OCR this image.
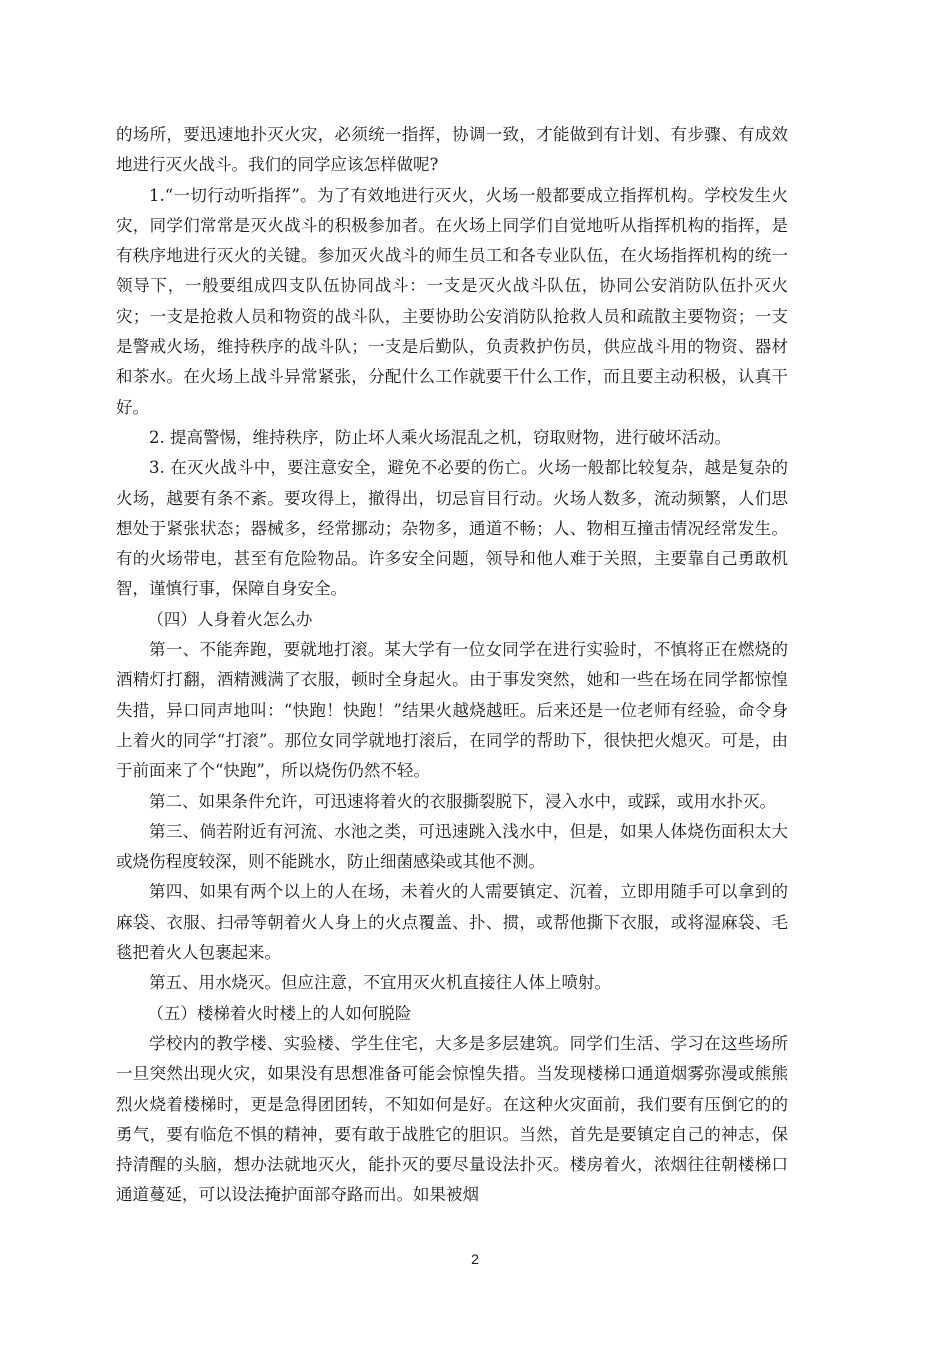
的场所，要迅速地扑灭火灾，必须统一指挥，协调一致，才能做到有计划、有步骤、有成效地进行灭火战斗。我们的同学应该怎样做呢?

1.“一切行动听指挥”。为了有效地进行灭火，火场一般都要成立指挥机构。学校发生火灾，同学们常常是灭火战斗的积极参加者。在火场上同学们自觉地听从指挥机构的指挥，是有秩序地进行灭火的关键。参加灭火战斗的师生员工和各专业队伍，在火场指挥机构的统一领导下，一般要组成四支队伍协同战斗：一支是灭火战斗队伍，协同公安消防队伍扑灭火灾；一支是抢救人员和物资的战斗队，主要协助公安消防队抢救人员和疏散主要物资；一支是警戒火场，维持秩序的战斗队；一支是后勤队，负责救护伤员，供应战斗用的物资、器材和茶水。在火场上战斗异常紧张，分配什么工作就要干什么工作，而且要主动积极，认真干好。

2. 提高警惕，维持秩序，防止坏人乘火场混乱之机，窃取财物，进行破坏活动。

3. 在灭火战斗中，要注意安全，避免不必要的伤亡。火场一般都比较复杂，越是复杂的火场，越要有条不紊。要攻得上，撤得出，切忌盲目行动。火场人数多，流动频繁，人们思想处于紧张状态；器械多，经常挪动；杂物多，通道不畅；人、物相互撞击情况经常发生。有的火场带电，甚至有危险物品。许多安全问题，领导和他人难于关照，主要靠自己勇敢机智，谨慎行事，保障自身安全。

（四）人身着火怎么办

第一、不能奔跑，要就地打滚。某大学有一位女同学在进行实验时，不慎将正在燃烧的酒精灯打翻，酒精溅满了衣服，顿时全身起火。由于事发突然，她和一些在场在同学都惊惶失措，异口同声地叫：“快跑！快跑！”结果火越烧越旺。后来还是一位老师有经验，命令身上着火的同学“打滚”。那位女同学就地打滚后，在同学的帮助下，很快把火熄灭。可是，由于前面来了个“快跑”，所以烧伤仍然不轻。

第二、如果条件允许，可迅速将着火的衣服撕裂脱下，浸入水中，或踩，或用水扑灭。

第三、倘若附近有河流、水池之类，可迅速跳入浅水中，但是，如果人体烧伤面积太大或烧伤程度较深，则不能跳水，防止细菌感染或其他不测。

第四、如果有两个以上的人在场，未着火的人需要镇定、沉着，立即用随手可以拿到的麻袋、衣服、扫帚等朝着火人身上的火点覆盖、扑、掼，或帮他撕下衣服，或将湿麻袋、毛毯把着火人包裹起来。

第五、用水烧灭。但应注意，不宜用灭火机直接往人体上喷射。

（五）楼梯着火时楼上的人如何脱险

学校内的教学楼、实验楼、学生住宅，大多是多层建筑。同学们生活、学习在这些场所一旦突然出现火灾，如果没有思想准备可能会惊惶失措。当发现楼梯口通道烟雾弥漫或熊熊烈火烧着楼梯时，更是急得团团转，不知如何是好。在这种火灾面前，我们要有压倒它的的勇气，要有临危不惧的精神，要有敢于战胜它的胆识。当然，首先是要镇定自己的神志，保持清醒的头脑，想办法就地灭火，能扑灭的要尽量设法扑灭。楼房着火，浓烟往往朝楼梯口通道蔓延，可以设法掩护面部夺路而出。如果被烟

2
